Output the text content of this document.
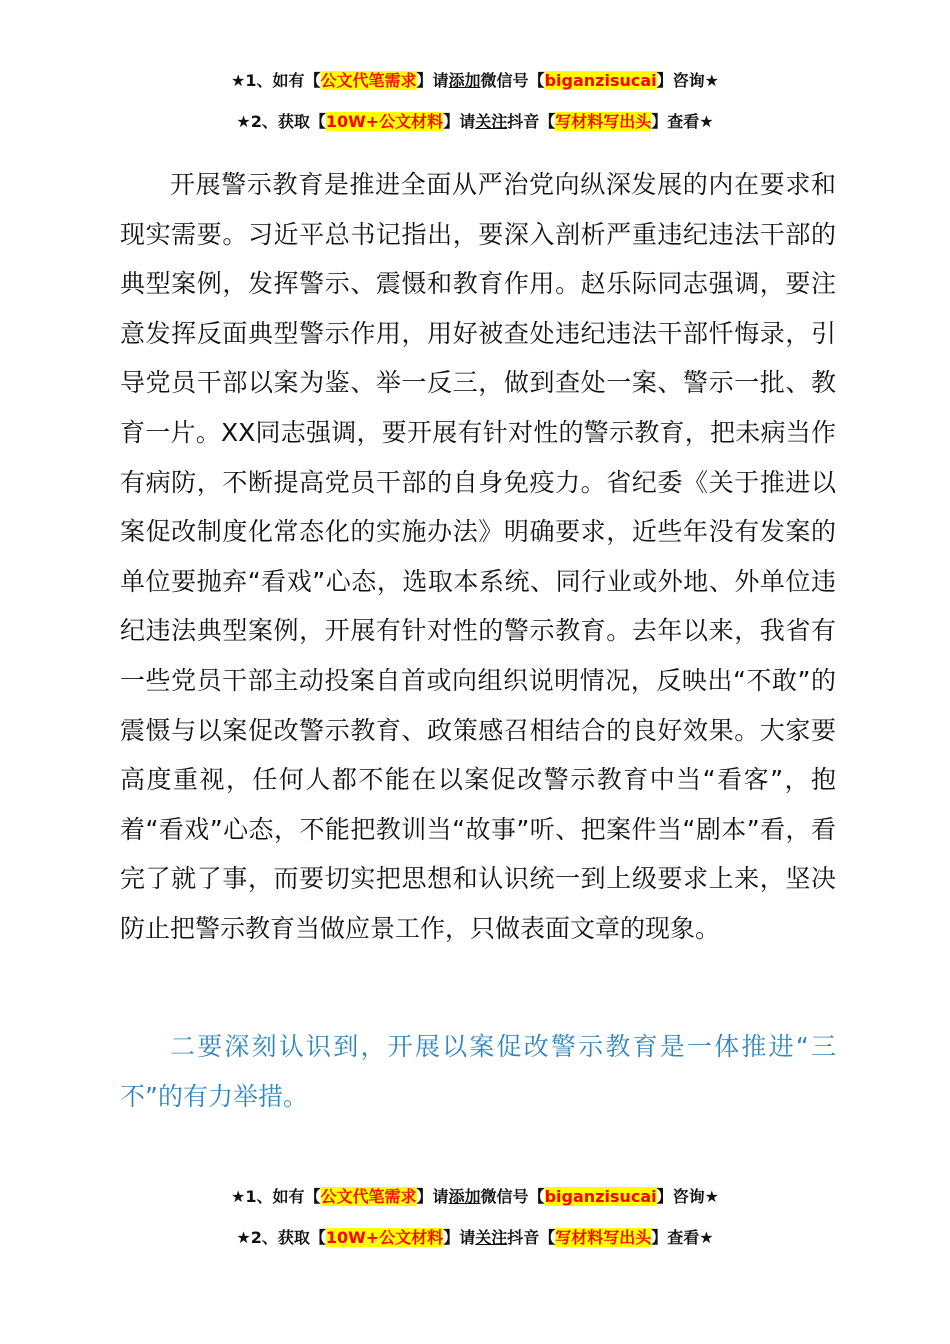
★1、如有【公文代笔需求】请添加微信号【biganzisucai】咨询★
★2、获取【10W+公文材料】请关注抖音【写材料写出头】查看★

开展警示教育是推进全面从严治党向纵深发展的内在要求和现实需要。习近平总书记指出，要深入剖析严重违纪违法干部的典型案例，发挥警示、震慑和教育作用。赵乐际同志强调，要注意发挥反面典型警示作用，用好被查处违纪违法干部忏悔录，引导党员干部以案为鉴、举一反三，做到查处一案、警示一批、教育一片。XX同志强调，要开展有针对性的警示教育，把未病当作有病防，不断提高党员干部的自身免疫力。省纪委《关于推进以案促改制度化常态化的实施办法》明确要求，近些年没有发案的单位要抛弃“看戏”心态，选取本系统、同行业或外地、外单位违纪违法典型案例，开展有针对性的警示教育。去年以来，我省有一些党员干部主动投案自首或向组织说明情况，反映出“不敢”的震慑与以案促改警示教育、政策感召相结合的良好效果。大家要高度重视，任何人都不能在以案促改警示教育中当“看客”，抱着“看戏”心态，不能把教训当“故事”听、把案件当“剧本”看，看完了就了事，而要切实把思想和认识统一到上级要求上来，坚决防止把警示教育当做应景工作，只做表面文章的现象。

二要深刻认识到，开展以案促改警示教育是一体推进“三不”的有力举措。

★1、如有【公文代笔需求】请添加微信号【biganzisucai】咨询★
★2、获取【10W+公文材料】请关注抖音【写材料写出头】查看★
